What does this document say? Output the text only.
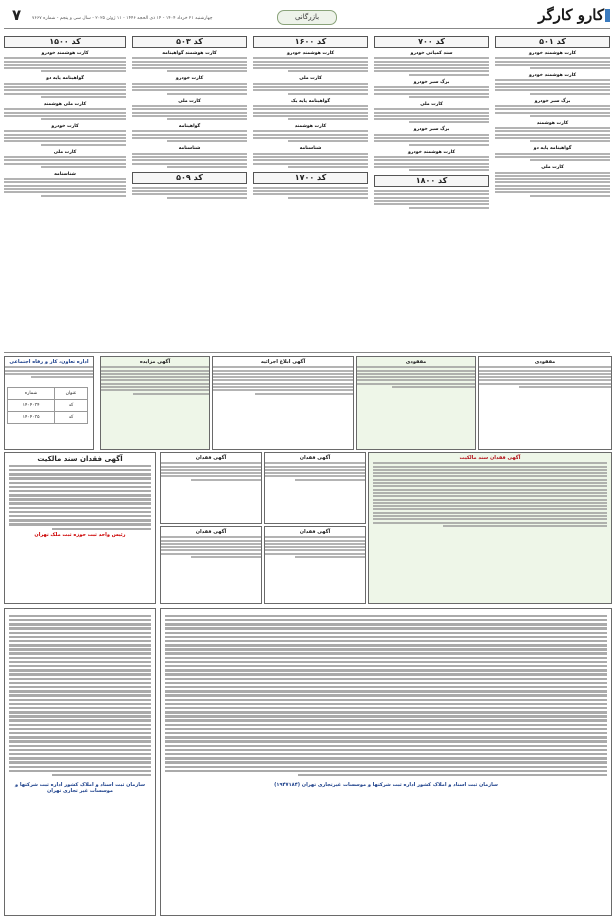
کارو کارگر
بازرگانی
۷ چهارشنبه ۲۱ خرداد ۱۴۰۴ - ۱۴ ذی الحجه ۱۴۴۶ - ۱۱ ژوئن ۲۰۲۵ - سال سی و پنجم - شماره ۷۶۶۷
کد ۵۰۱
کارت هوشمند خودرو
کارت هوشمند خودرو
برگ سبز خودرو
کارت هوشمند
گواهینامه پایه دو
کارت ملی
کد ۷۰۰
سند کمپانی خودرو
برگ سبز خودرو
کارت ملی
برگ سبز خودرو
کارت هوشمند خودرو
کد ۱۸۰۰
کد ۱۶۰۰
کارت هوشمند خودرو
کارت ملی
گواهینامه پایه یک
کارت هوشمند
شناسنامه
کد ۱۷۰۰
کد ۵۰۳
کارت هوشمند گواهینامه
کارت خودرو
کارت ملی
گواهینامه
شناسنامه
کد ۵۰۹
کد ۱۵۰۰
کارت هوشمند خودرو
گواهینامه پایه دو
کارت ملی هوشمند
کارت خودرو
کارت ملی
شناسنامه
اداره تعاون، کار و رفاه اجتماعی
عنوان	شماره
کد	۱۴۰۴۰۳۴
کد	۱۴۰۴۰۳۵
آگهی مزایده	آگهی ابلاغ اجرائیه	مفقودی	مفقودی
آگهی فقدان سند مالکیت
رئیس واحد ثبت حوزه ثبت ملک تهران
آگهی فقدان	آگهی فقدان
آگهی فقدان	آگهی فقدان
آگهی فقدان سند مالکیت
سازمان ثبت اسناد و املاک کشور اداره ثبت شرکتها و موسسات غیر تجاری تهران
سازمان ثبت اسناد و املاک کشور اداره ثبت شرکتها و موسسات غیرتجاری تهران (۱۹۴۷۱۸۴)
